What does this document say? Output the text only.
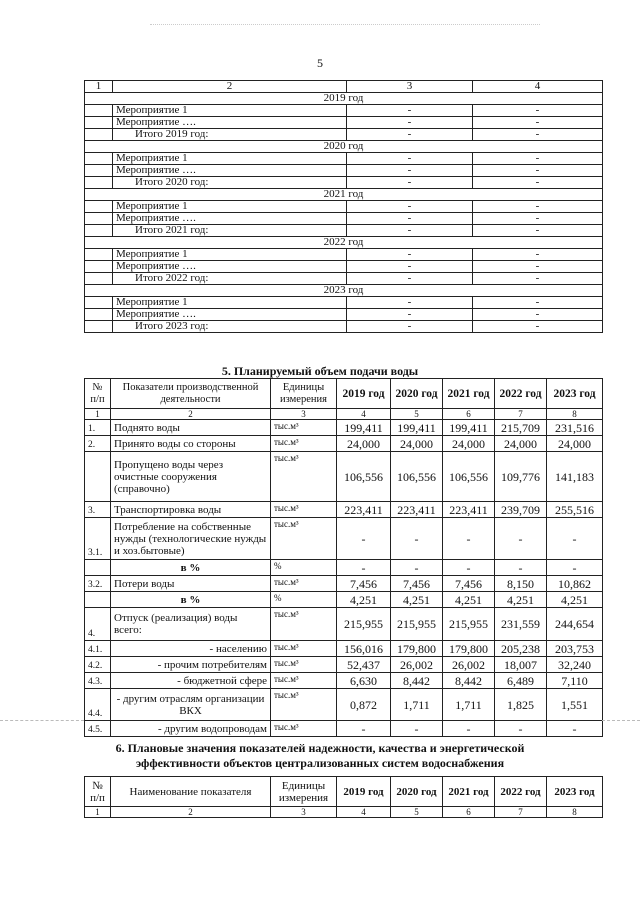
5
1	2	3	4
2019 год			
	Мероприятие 1	-	-
	Мероприятие ….	-	-
	Итого 2019 год:	-	-
2020 год			
	Мероприятие 1	-	-
	Мероприятие ….	-	-
	Итого 2020 год:	-	-
2021 год			
	Мероприятие 1	-	-
	Мероприятие ….	-	-
	Итого 2021 год:	-	-
2022 год			
	Мероприятие 1	-	-
	Мероприятие ….	-	-
	Итого 2022 год:	-	-
2023 год			
	Мероприятие 1	-	-
	Мероприятие ….	-	-
	Итого 2023 год:	-	-
5. Планируемый объем подачи воды
№ п/п	Показатели производственной деятельности	Единицы измерения	2019 год	2020 год	2021 год	2022 год	2023 год
1	2	3	4	5	6	7	8
1.	Поднято воды	тыс.м³	199,411	199,411	199,411	215,709	231,516
2.	Принято воды со стороны	тыс.м³	24,000	24,000	24,000	24,000	24,000
	Пропущено воды через очистные сооружения (справочно)	тыс.м³	106,556	106,556	106,556	109,776	141,183
3.	Транспортировка воды	тыс.м³	223,411	223,411	223,411	239,709	255,516
3.1.	Потребление на собственные нужды (технологические нужды и хоз.бытовые)	тыс.м³	-	-	-	-	-
	в %	%	-	-	-	-	-
3.2.	Потери воды	тыс.м³	7,456	7,456	7,456	8,150	10,862
	в %	%	4,251	4,251	4,251	4,251	4,251
4.	Отпуск (реализация) воды всего:	тыс.м³	215,955	215,955	215,955	231,559	244,654
4.1.	- населению	тыс.м³	156,016	179,800	179,800	205,238	203,753
4.2.	- прочим потребителям	тыс.м³	52,437	26,002	26,002	18,007	32,240
4.3.	- бюджетной сфере	тыс.м³	6,630	8,442	8,442	6,489	7,110
4.4.	- другим отраслям организации ВКХ	тыс.м³	0,872	1,711	1,711	1,825	1,551
4.5.	- другим водопроводам	тыс.м³	-	-	-	-	-
6. Плановые значения показателей надежности, качества и энергетической
эффективности объектов централизованных систем водоснабжения
№ п/п	Наименование показателя	Единицы измерения	2019 год	2020 год	2021 год	2022 год	2023 год
1	2	3	4	5	6	7	8
